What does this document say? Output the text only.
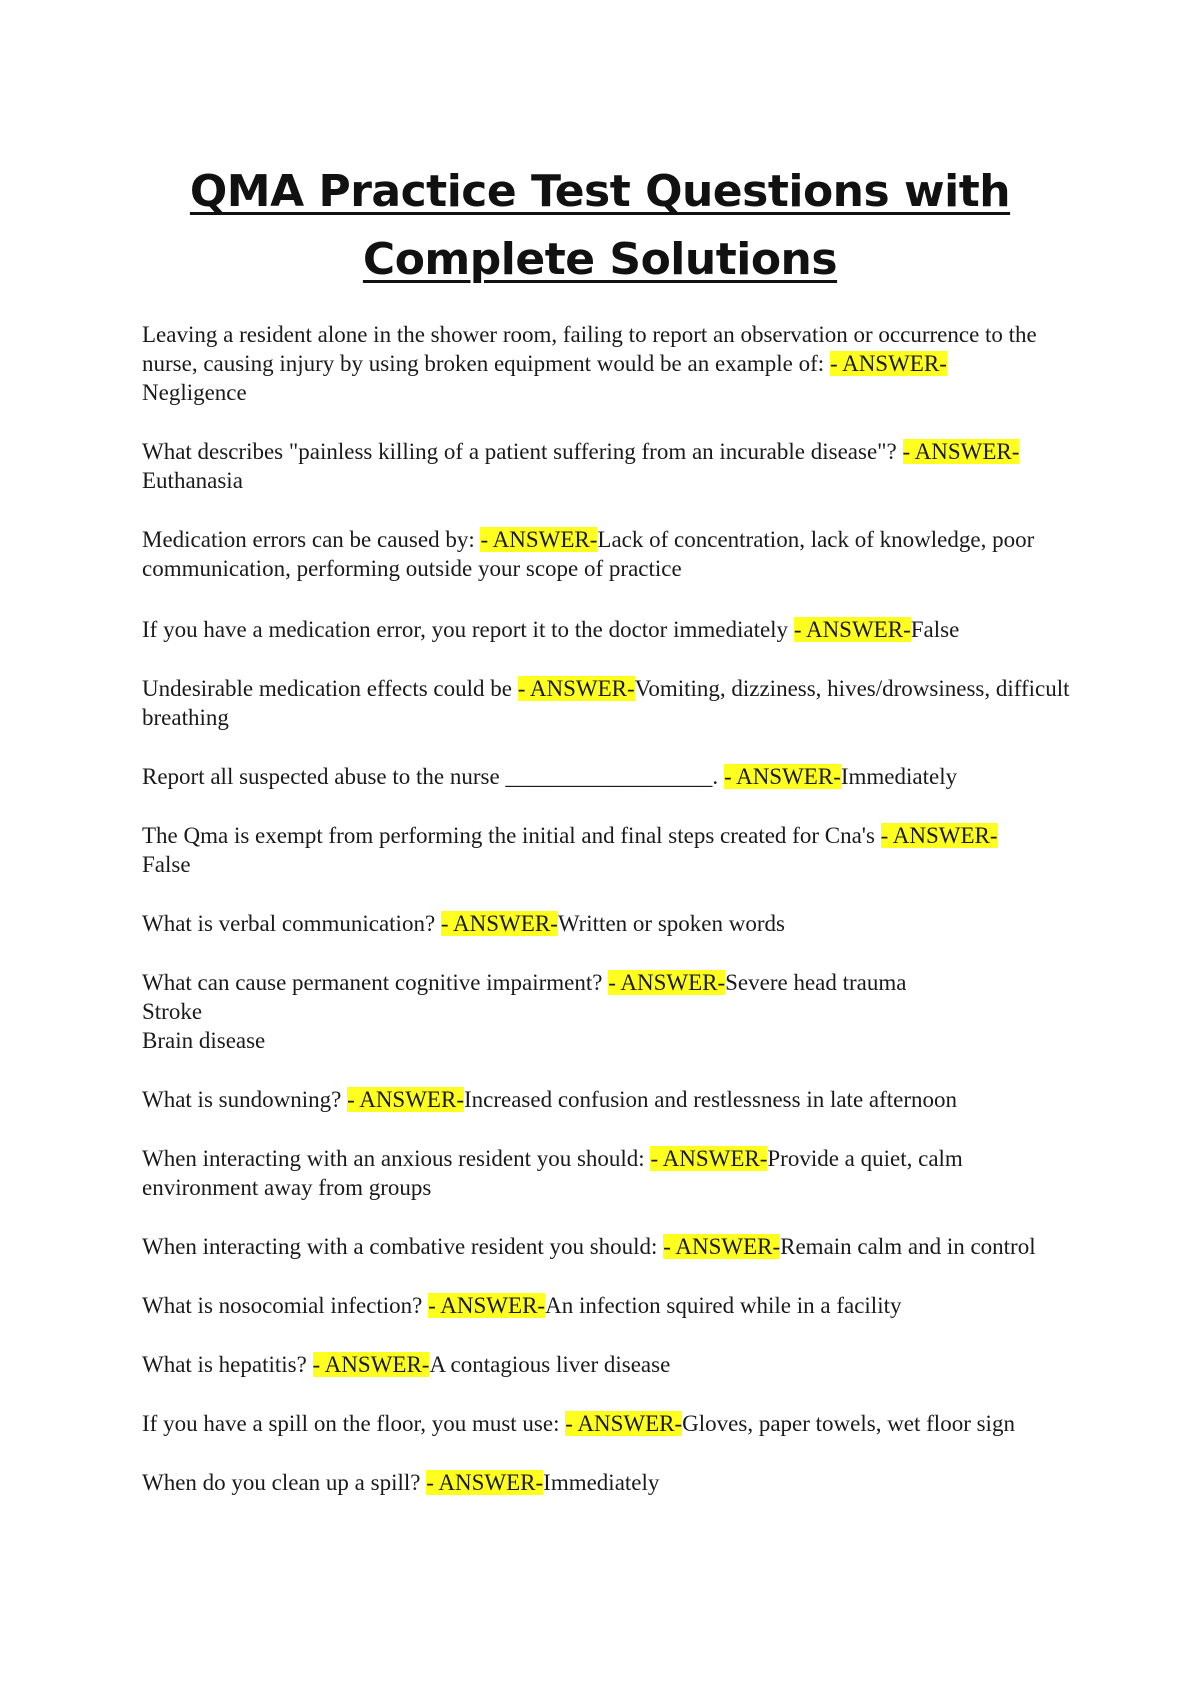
QMA Practice Test Questions with
Complete Solutions
Leaving a resident alone in the shower room, failing to report an observation or occurrence to the nurse, causing injury by using broken equipment would be an example of: - ANSWER-
Negligence
What describes "painless killing of a patient suffering from an incurable disease"? - ANSWER-
Euthanasia
Medication errors can be caused by: - ANSWER-Lack of concentration, lack of knowledge, poor communication, performing outside your scope of practice
If you have a medication error, you report it to the doctor immediately - ANSWER-False
Undesirable medication effects could be - ANSWER-Vomiting, dizziness, hives/drowsiness, difficult breathing
Report all suspected abuse to the nurse __________________. - ANSWER-Immediately
The Qma is exempt from performing the initial and final steps created for Cna's - ANSWER-
False
What is verbal communication? - ANSWER-Written or spoken words
What can cause permanent cognitive impairment? - ANSWER-Severe head trauma
Stroke
Brain disease
What is sundowning? - ANSWER-Increased confusion and restlessness in late afternoon
When interacting with an anxious resident you should: - ANSWER-Provide a quiet, calm environment away from groups
When interacting with a combative resident you should: - ANSWER-Remain calm and in control
What is nosocomial infection? - ANSWER-An infection squired while in a facility
What is hepatitis? - ANSWER-A contagious liver disease
If you have a spill on the floor, you must use: - ANSWER-Gloves, paper towels, wet floor sign
When do you clean up a spill? - ANSWER-Immediately
